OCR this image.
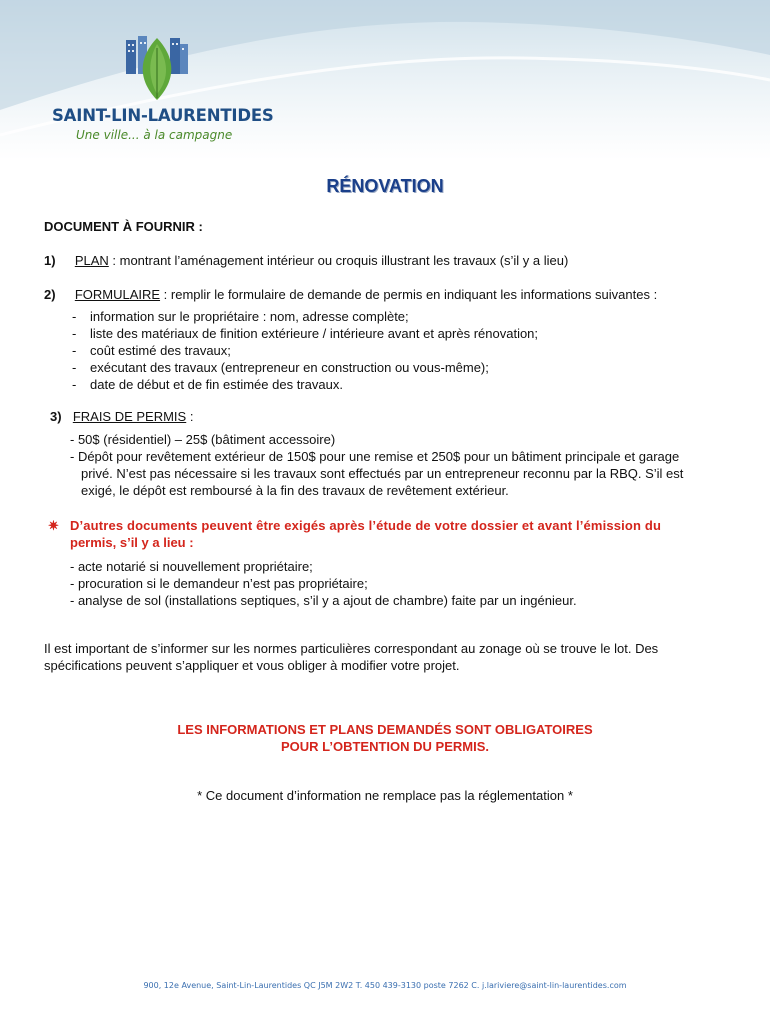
SAINT-LIN-LAURENTIDES
Une ville... à la campagne
RÉNOVATION
DOCUMENT À FOURNIR :
1) PLAN : montrant l’aménagement intérieur ou croquis illustrant les travaux (s’il y a lieu)
2) FORMULAIRE : remplir le formulaire de demande de permis en indiquant les informations suivantes :
- information sur le propriétaire : nom, adresse complète;
- liste des matériaux de finition extérieure / intérieure avant et après rénovation;
- coût estimé des travaux;
- exécutant des travaux (entrepreneur en construction ou vous-même);
- date de début et de fin estimée des travaux.
3) FRAIS DE PERMIS :
- 50$ (résidentiel) – 25$ (bâtiment accessoire)
- Dépôt pour revêtement extérieur de 150$ pour une remise et 250$ pour un bâtiment principale et garage
privé. N’est pas nécessaire si les travaux sont effectués par un entrepreneur reconnu par la RBQ. S’il est
exigé, le dépôt est remboursé à la fin des travaux de revêtement extérieur.
✷ D’autres documents peuvent être exigés après l’étude de votre dossier et avant l’émission du
permis, s’il y a lieu :
- acte notarié si nouvellement propriétaire;
- procuration si le demandeur n’est pas propriétaire;
- analyse de sol (installations septiques, s’il y a ajout de chambre) faite par un ingénieur.
Il est important de s’informer sur les normes particulières correspondant au zonage où se trouve le lot. Des
spécifications peuvent s’appliquer et vous obliger à modifier votre projet.
LES INFORMATIONS ET PLANS DEMANDÉS SONT OBLIGATOIRES
POUR L’OBTENTION DU PERMIS.
* Ce document d’information ne remplace pas la réglementation *
900, 12e Avenue, Saint-Lin-Laurentides QC J5M 2W2 T. 450 439-3130 poste 7262 C. j.lariviere@saint-lin-laurentides.com
